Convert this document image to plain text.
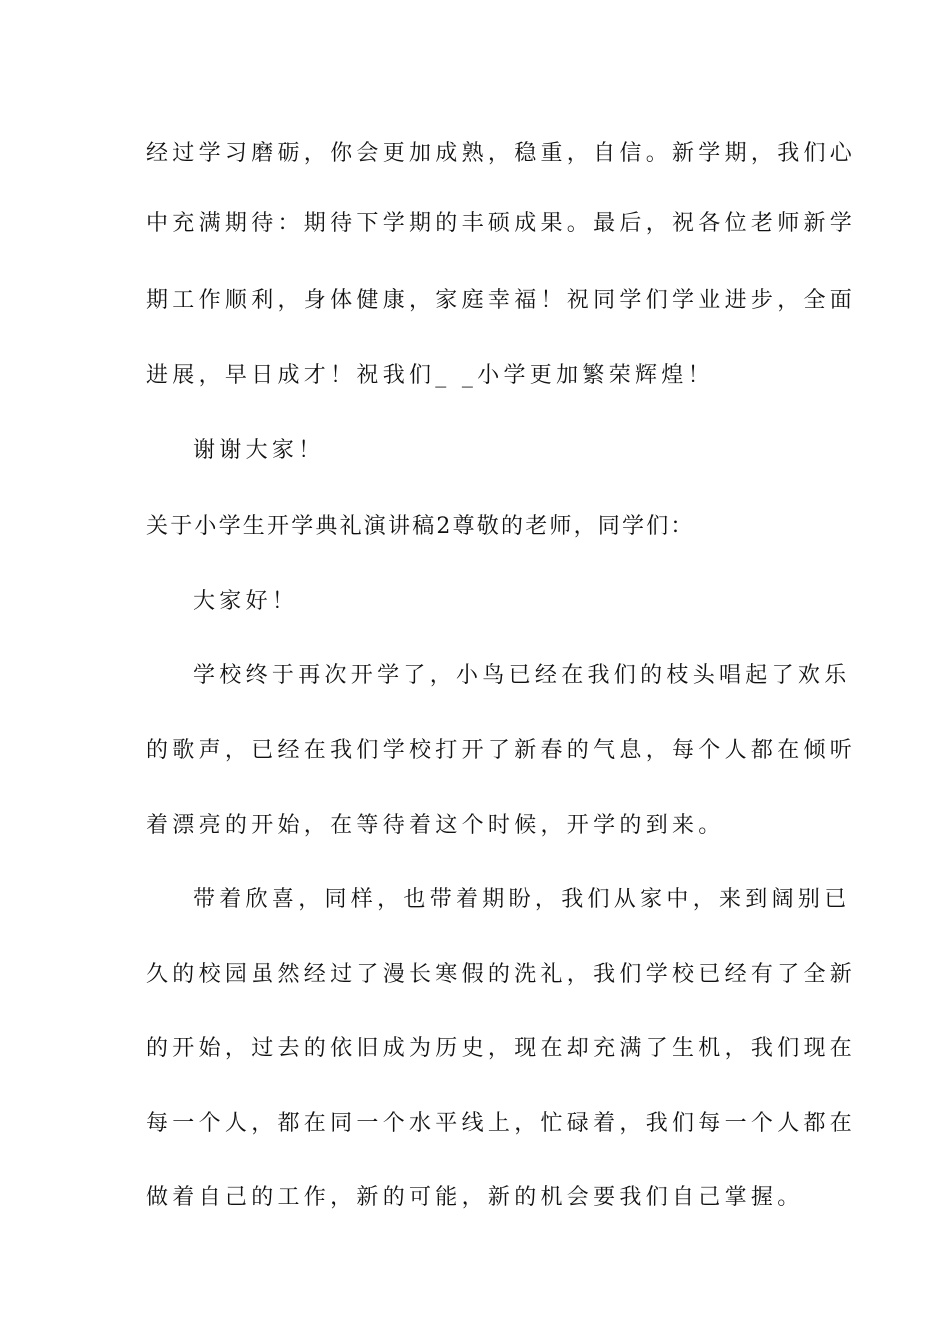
经过学习磨砺，你会更加成熟，稳重，自信。新学期，我们心
中充满期待：期待下学期的丰硕成果。最后，祝各位老师新学
期工作顺利，身体健康，家庭幸福！祝同学们学业进步，全面
进展，早日成才！祝我们_ _小学更加繁荣辉煌！
谢谢大家！
关于小学生开学典礼演讲稿2尊敬的老师，同学们：
大家好！
学校终于再次开学了，小鸟已经在我们的枝头唱起了欢乐
的歌声，已经在我们学校打开了新春的气息，每个人都在倾听
着漂亮的开始，在等待着这个时候，开学的到来。
带着欣喜，同样，也带着期盼，我们从家中，来到阔别已
久的校园虽然经过了漫长寒假的洗礼，我们学校已经有了全新
的开始，过去的依旧成为历史，现在却充满了生机，我们现在
每一个人，都在同一个水平线上，忙碌着，我们每一个人都在
做着自己的工作，新的可能，新的机会要我们自己掌握。
